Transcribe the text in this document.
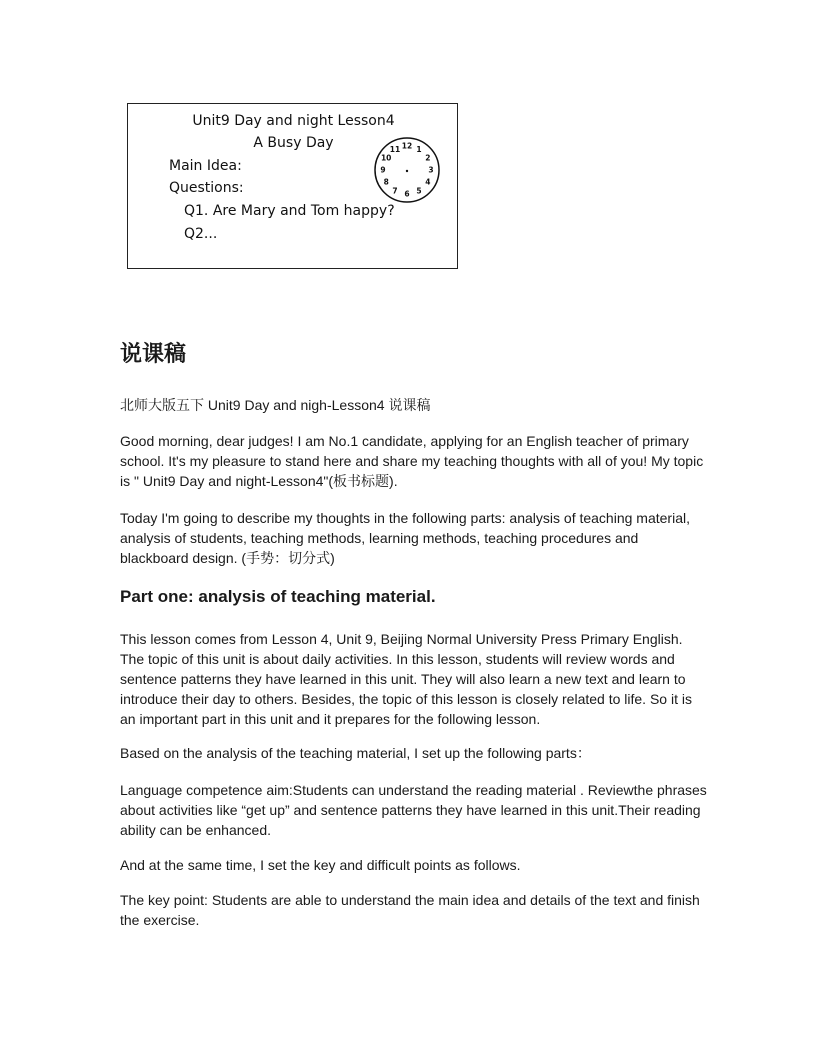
Unit9 Day and night Lesson4
A Busy Day
Main Idea:
Questions:
Q1. Are Mary and Tom happy?
Q2...
12 1
2
3
4
5
6
7
8
9
10
11
说课稿

北师大版五下 Unit9 Day and nigh-Lesson4 说课稿

Good morning, dear judges! I am No.1 candidate, applying for an English teacher of primary school. It's my pleasure to stand here and share my teaching thoughts with all of you! My topic is " Unit9 Day and night-Lesson4"(板书标题).

Today I'm going to describe my thoughts in the following parts: analysis of teaching material, analysis of students, teaching methods, learning methods, teaching procedures and blackboard design. (手势：切分式)

Part one: analysis of teaching material.

This lesson comes from Lesson 4, Unit 9, Beijing Normal University Press Primary English. The topic of this unit is about daily activities. In this lesson, students will review words and sentence patterns they have learned in this unit. They will also learn a new text and learn to introduce their day to others. Besides, the topic of this lesson is closely related to life. So it is an important part in this unit and it prepares for the following lesson.

Based on the analysis of the teaching material, I set up the following parts：

Language competence aim:Students can understand the reading material . Reviewthe phrases about activities like “get up” and sentence patterns they have learned in this unit.Their reading ability can be enhanced.

And at the same time, I set the key and difficult points as follows.

The key point: Students are able to understand the main idea and details of the text and finish the exercise.
